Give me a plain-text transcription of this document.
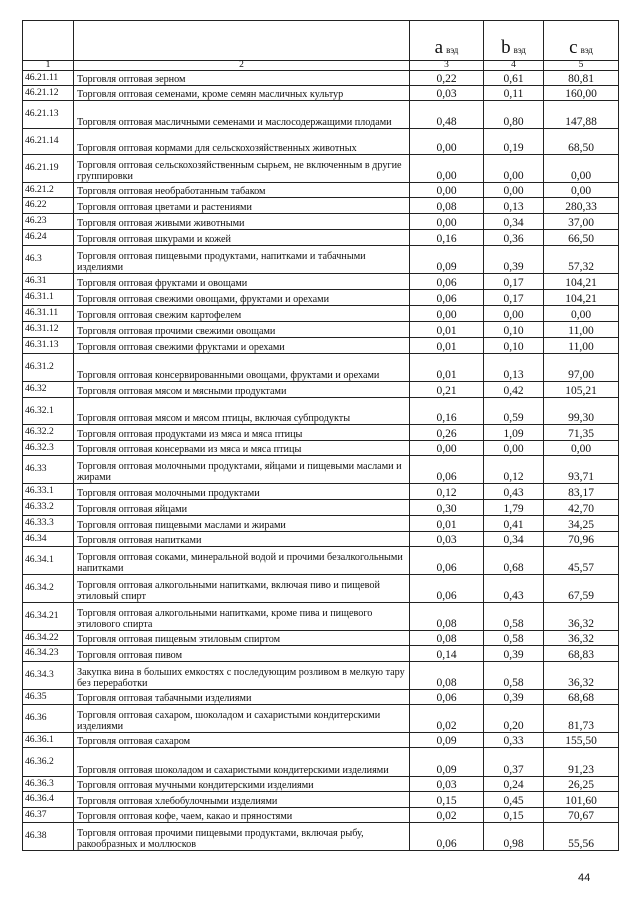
		a вэд	b вэд	c вэд
1	2	3	4	5
46.21.11	Торговля оптовая зерном	0,22	0,61	80,81
46.21.12	Торговля оптовая семенами, кроме семян масличных культур	0,03	0,11	160,00
46.21.13	Торговля оптовая масличными семенами и маслосодержащими плодами	0,48	0,80	147,88
46.21.14	Торговля оптовая кормами для сельскохозяйственных животных	0,00	0,19	68,50
46.21.19	Торговля оптовая сельскохозяйственным сырьем, не включенным в другие группировки	0,00	0,00	0,00
46.21.2	Торговля оптовая необработанным табаком	0,00	0,00	0,00
46.22	Торговля оптовая цветами и растениями	0,08	0,13	280,33
46.23	Торговля оптовая живыми животными	0,00	0,34	37,00
46.24	Торговля оптовая шкурами и кожей	0,16	0,36	66,50
46.3	Торговля оптовая пищевыми продуктами, напитками и табачными изделиями	0,09	0,39	57,32
46.31	Торговля оптовая фруктами и овощами	0,06	0,17	104,21
46.31.1	Торговля оптовая свежими овощами, фруктами и орехами	0,06	0,17	104,21
46.31.11	Торговля оптовая свежим картофелем	0,00	0,00	0,00
46.31.12	Торговля оптовая прочими свежими овощами	0,01	0,10	11,00
46.31.13	Торговля оптовая свежими фруктами и орехами	0,01	0,10	11,00
46.31.2	Торговля оптовая консервированными овощами, фруктами и орехами	0,01	0,13	97,00
46.32	Торговля оптовая мясом и мясными продуктами	0,21	0,42	105,21
46.32.1	Торговля оптовая мясом и мясом птицы, включая субпродукты	0,16	0,59	99,30
46.32.2	Торговля оптовая продуктами из мяса и мяса птицы	0,26	1,09	71,35
46.32.3	Торговля оптовая консервами из мяса и мяса птицы	0,00	0,00	0,00
46.33	Торговля оптовая молочными продуктами, яйцами и пищевыми маслами и жирами	0,06	0,12	93,71
46.33.1	Торговля оптовая молочными продуктами	0,12	0,43	83,17
46.33.2	Торговля оптовая яйцами	0,30	1,79	42,70
46.33.3	Торговля оптовая пищевыми маслами и жирами	0,01	0,41	34,25
46.34	Торговля оптовая напитками	0,03	0,34	70,96
46.34.1	Торговля оптовая соками, минеральной водой и прочими безалкогольными напитками	0,06	0,68	45,57
46.34.2	Торговля оптовая алкогольными напитками, включая пиво и пищевой этиловый спирт	0,06	0,43	67,59
46.34.21	Торговля оптовая алкогольными напитками, кроме пива и пищевого этилового спирта	0,08	0,58	36,32
46.34.22	Торговля оптовая пищевым этиловым спиртом	0,08	0,58	36,32
46.34.23	Торговля оптовая пивом	0,14	0,39	68,83
46.34.3	Закупка вина в больших емкостях с последующим розливом в мелкую тару без переработки	0,08	0,58	36,32
46.35	Торговля оптовая табачными изделиями	0,06	0,39	68,68
46.36	Торговля оптовая сахаром, шоколадом и сахаристыми кондитерскими изделиями	0,02	0,20	81,73
46.36.1	Торговля оптовая сахаром	0,09	0,33	155,50
46.36.2	Торговля оптовая шоколадом и сахаристыми кондитерскими изделиями	0,09	0,37	91,23
46.36.3	Торговля оптовая мучными кондитерскими изделиями	0,03	0,24	26,25
46.36.4	Торговля оптовая хлебобулочными изделиями	0,15	0,45	101,60
46.37	Торговля оптовая кофе, чаем, какао и пряностями	0,02	0,15	70,67
46.38	Торговля оптовая прочими пищевыми продуктами, включая рыбу, ракообразных и моллюсков	0,06	0,98	55,56
44
